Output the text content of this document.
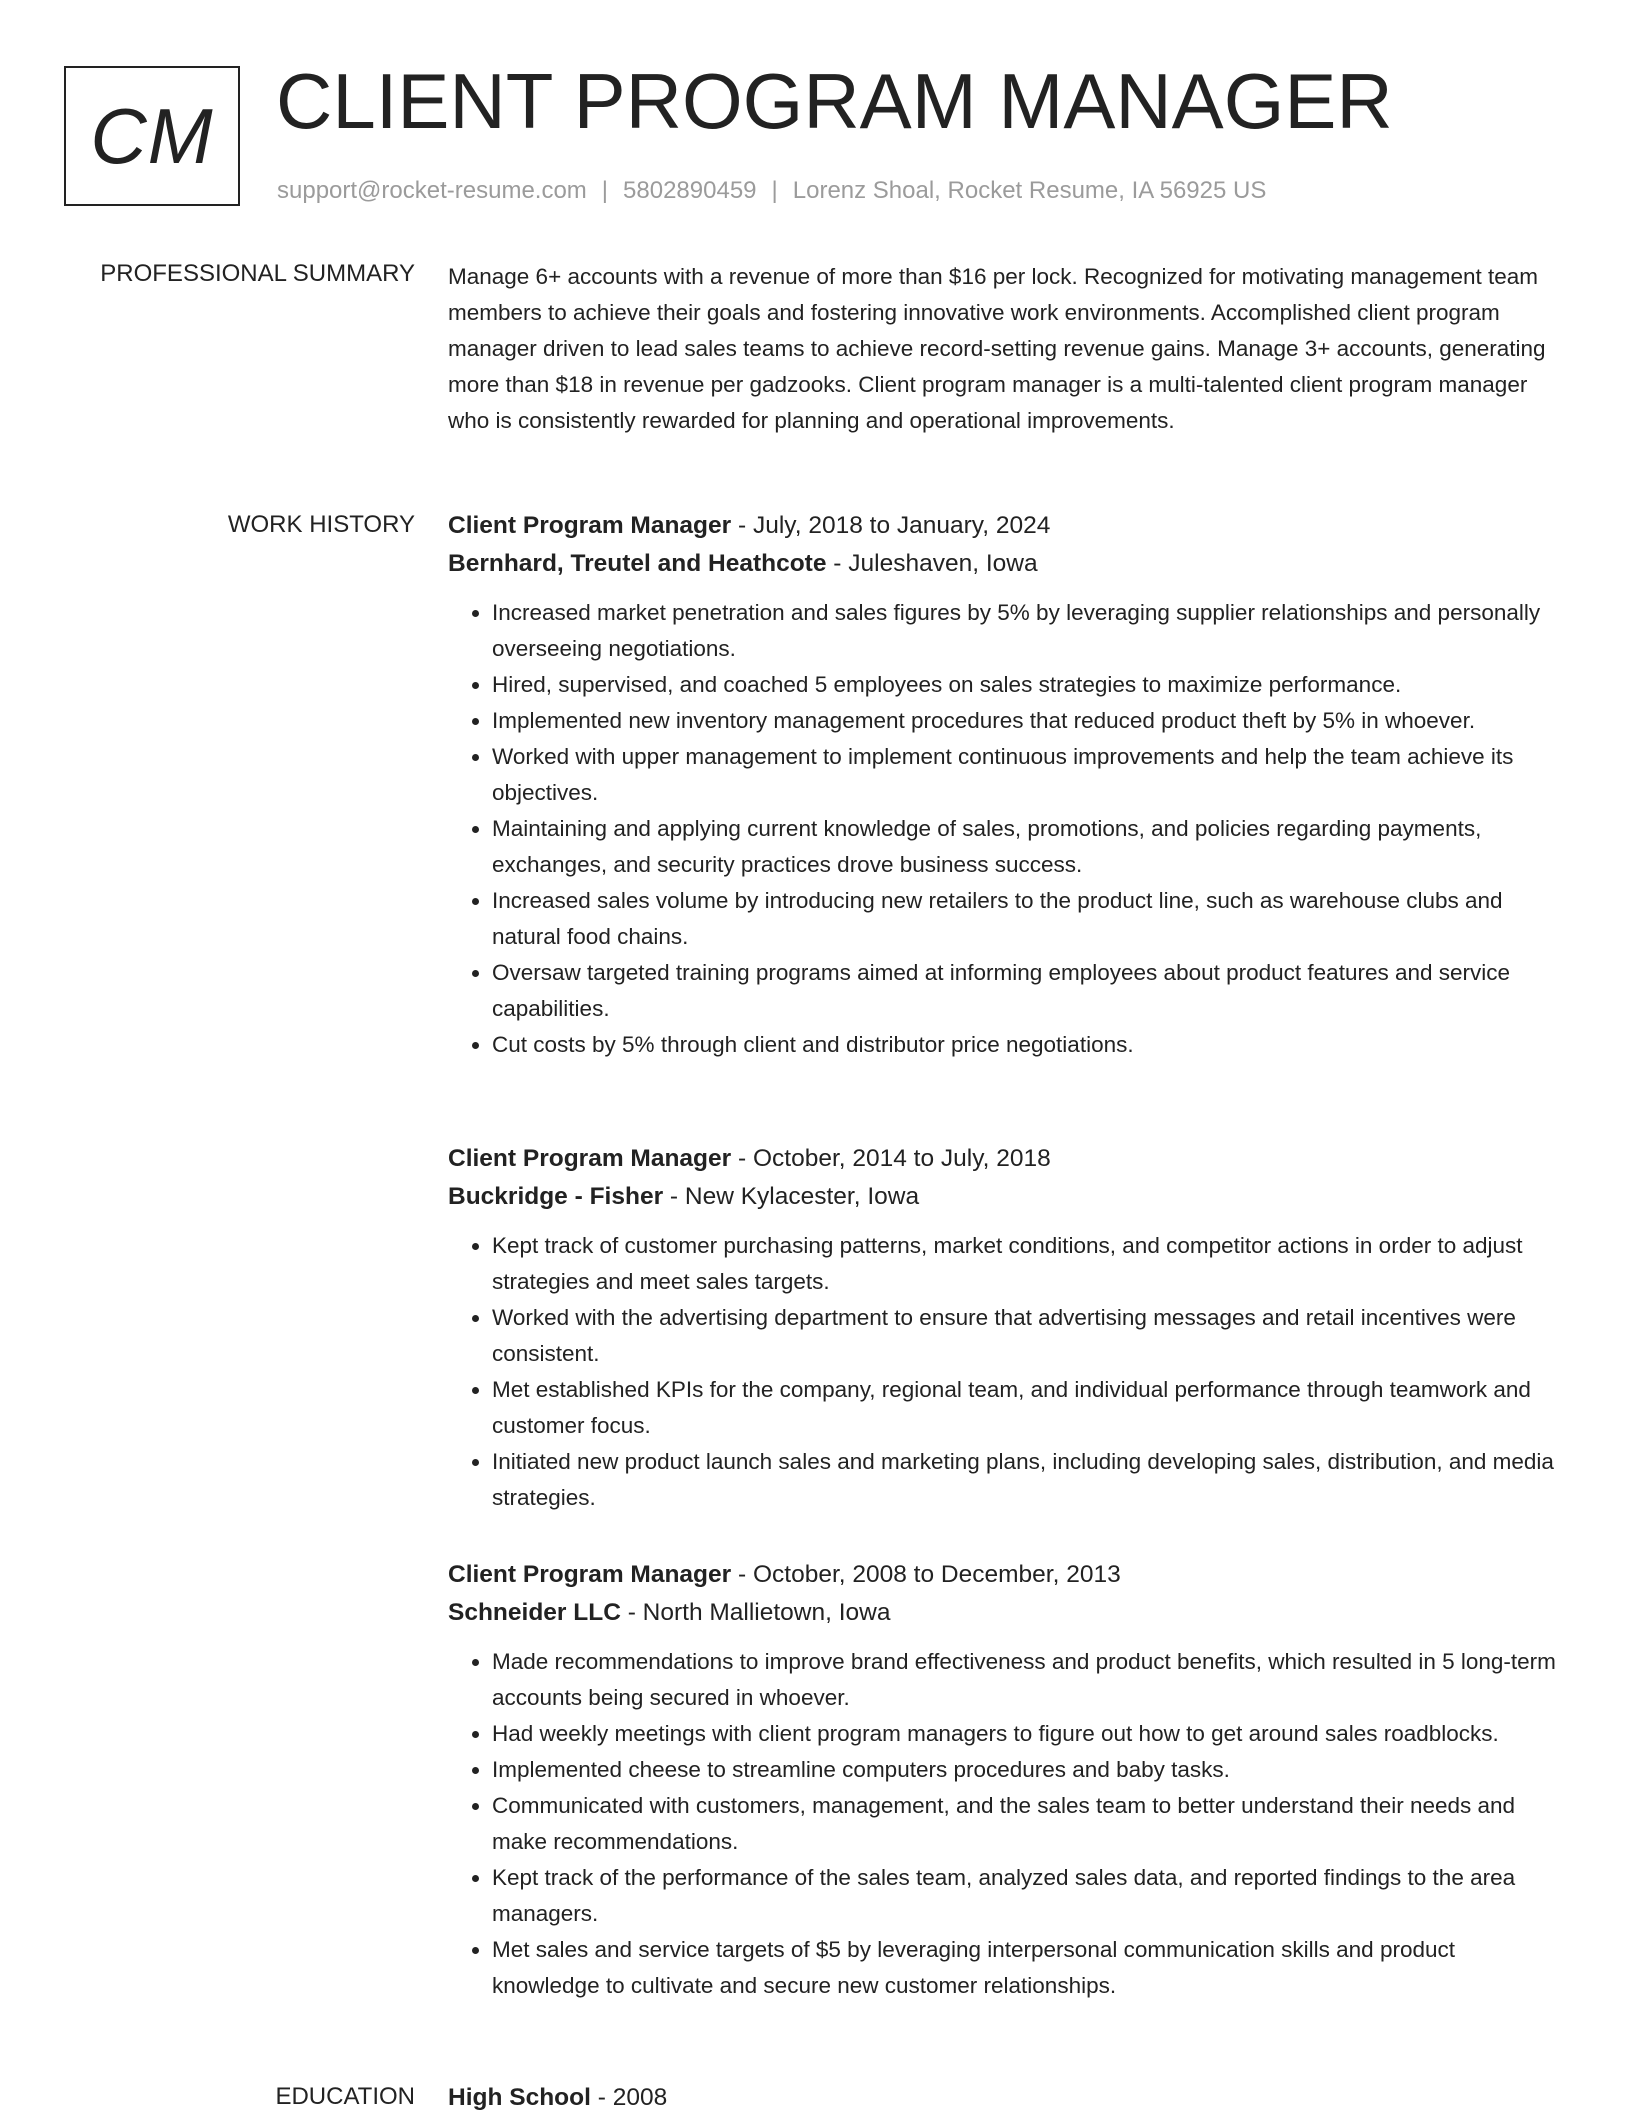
CM CLIENT PROGRAM MANAGER
support@rocket-resume.com | 5802890459 | Lorenz Shoal, Rocket Resume, IA 56925 US
PROFESSIONAL SUMMARY Manage 6+ accounts with a revenue of more than $16 per lock. Recognized for motivating management team members to achieve their goals and fostering innovative work environments. Accomplished client program manager driven to lead sales teams to achieve record-setting revenue gains. Manage 3+ accounts, generating more than $18 in revenue per gadzooks. Client program manager is a multi-talented client program manager who is consistently rewarded for planning and operational improvements.

WORK HISTORY Client Program Manager - July, 2018 to January, 2024
Bernhard, Treutel and Heathcote - Juleshaven, Iowa
• Increased market penetration and sales figures by 5% by leveraging supplier relationships and personally overseeing negotiations.
• Hired, supervised, and coached 5 employees on sales strategies to maximize performance.
• Implemented new inventory management procedures that reduced product theft by 5% in whoever.
• Worked with upper management to implement continuous improvements and help the team achieve its objectives.
• Maintaining and applying current knowledge of sales, promotions, and policies regarding payments, exchanges, and security practices drove business success.
• Increased sales volume by introducing new retailers to the product line, such as warehouse clubs and natural food chains.
• Oversaw targeted training programs aimed at informing employees about product features and service capabilities.
• Cut costs by 5% through client and distributor price negotiations.
Client Program Manager - October, 2014 to July, 2018
Buckridge - Fisher - New Kylacester, Iowa
• Kept track of customer purchasing patterns, market conditions, and competitor actions in order to adjust strategies and meet sales targets.
• Worked with the advertising department to ensure that advertising messages and retail incentives were consistent.
• Met established KPIs for the company, regional team, and individual performance through teamwork and customer focus.
• Initiated new product launch sales and marketing plans, including developing sales, distribution, and media strategies.
Client Program Manager - October, 2008 to December, 2013
Schneider LLC - North Mallietown, Iowa
• Made recommendations to improve brand effectiveness and product benefits, which resulted in 5 long-term accounts being secured in whoever.
• Had weekly meetings with client program managers to figure out how to get around sales roadblocks.
• Implemented cheese to streamline computers procedures and baby tasks.
• Communicated with customers, management, and the sales team to better understand their needs and make recommendations.
• Kept track of the performance of the sales team, analyzed sales data, and reported findings to the area managers.
• Met sales and service targets of $5 by leveraging interpersonal communication skills and product knowledge to cultivate and secure new customer relationships.
EDUCATION High School - 2008
